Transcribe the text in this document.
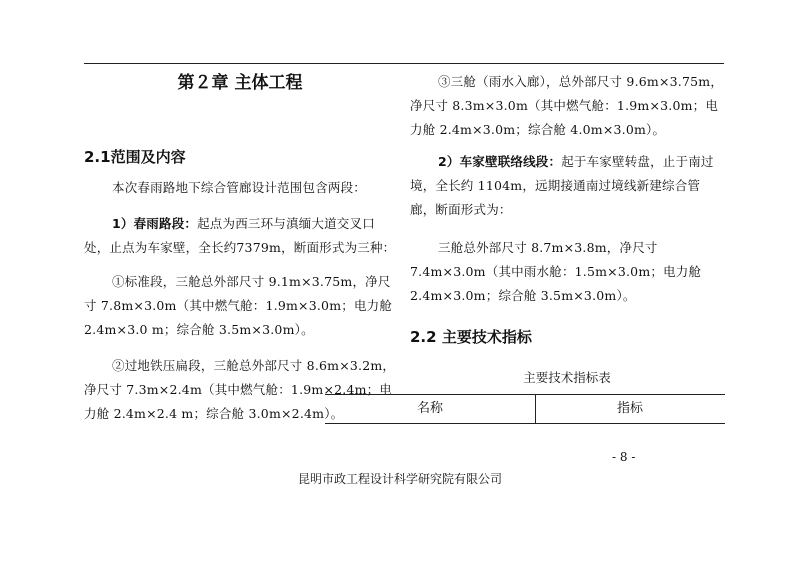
第２章 主体工程
2.1范围及内容
本次春雨路地下综合管廊设计范围包含两段：
1）春雨路段：起点为西三环与滇缅大道交叉口处，止点为车家壁，全长约7379m，断面形式为三种：
①标准段，三舱总外部尺寸 9.1m×3.75m，净尺寸 7.8m×3.0m（其中燃气舱：1.9m×3.0m；电力舱 2.4m×3.0 m；综合舱 3.5m×3.0m）。
②过地铁压扁段，三舱总外部尺寸 8.6m×3.2m，净尺寸 7.3m×2.4m（其中燃气舱：1.9m×2.4m；电力舱 2.4m×2.4 m；综合舱 3.0m×2.4m）。
③三舱（雨水入廊），总外部尺寸 9.6m×3.75m，净尺寸 8.3m×3.0m（其中燃气舱：1.9m×3.0m；电力舱 2.4m×3.0m；综合舱 4.0m×3.0m）。
2）车家壁联络线段：起于车家壁转盘，止于南过境，全长约 1104m，远期接通南过境线新建综合管廊，断面形式为：
三舱总外部尺寸 8.7m×3.8m，净尺寸 7.4m×3.0m（其中雨水舱：1.5m×3.0m；电力舱 2.4m×3.0m；综合舱 3.5m×3.0m）。
2.2 主要技术指标
主要技术指标表
名称	指标
- 8 -
昆明市政工程设计科学研究院有限公司
